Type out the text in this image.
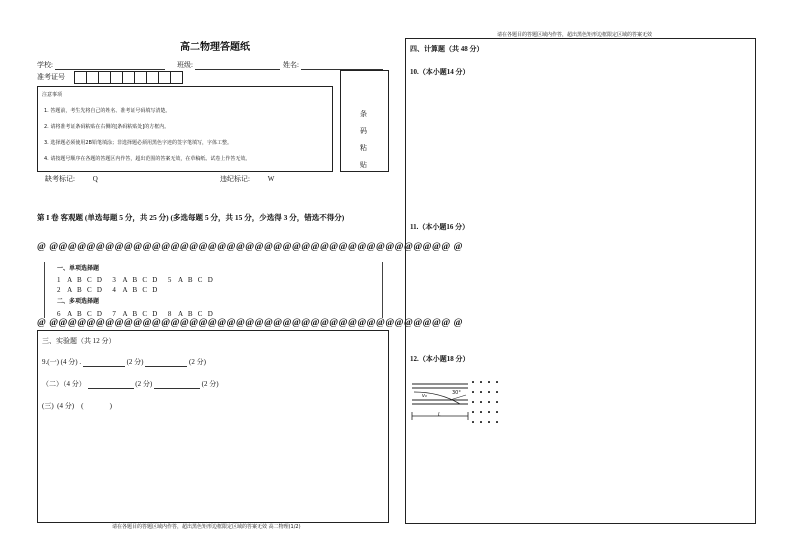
请在各题目的答题区域内作答，超出黑色矩形边框限定区域的答案无效
高二物理答题纸
学校:	班级:	姓名:
准考证号
注意事项
1. 答题前，考生先将自己的姓名、准考证号码填写清楚。
2. 请将准考证条码粘贴在右侧的[条码粘贴处]的方框内。
3. 选择题必须使用2B铅笔填涂；非选择题必须用黑色字迹的签字笔填写，字体工整。
4. 请按题号顺序在各题的答题区内作答，超出范围的答案无效，在草稿纸、试卷上作答无效。
条
码
粘
贴
缺考标记:	Q	违纪标记:	W
第 I 卷 客观题 (单选每题 5 分，共 25 分) (多选每题 5 分，共 15 分，少选得 3 分，错选不得分)
@ @@@@@@@@@@@@@@@@@@@@@@@@@@@@@@@@@@@@@@@@@@@ @
一、单项选择题
1    A   B   C   D      3    A   B   C   D      5    A   B   C   D
2    A   B   C   D      4    A   B   C   D
二、多项选择题
6    A   B   C   D      7    A   B   C   D      8    A   B   C   D
@ @@@@@@@@@@@@@@@@@@@@@@@@@@@@@@@@@@@@@@@@@@@ @
三、实验题（共 12 分）
9.(一) (4 分) .	(2 分)	(2 分)
（二）（4 分）	(2 分)	(2 分)
(三)  (4 分)    (               )
请在各题目的答题区域内作答，超出黑色矩形边框限定区域的答案无效 高二物理(1/2)
四、计算题（共 48 分）
10.（本小题14 分）
11.（本小题16 分）
12.（本小题18 分）
v₀	30°
L
